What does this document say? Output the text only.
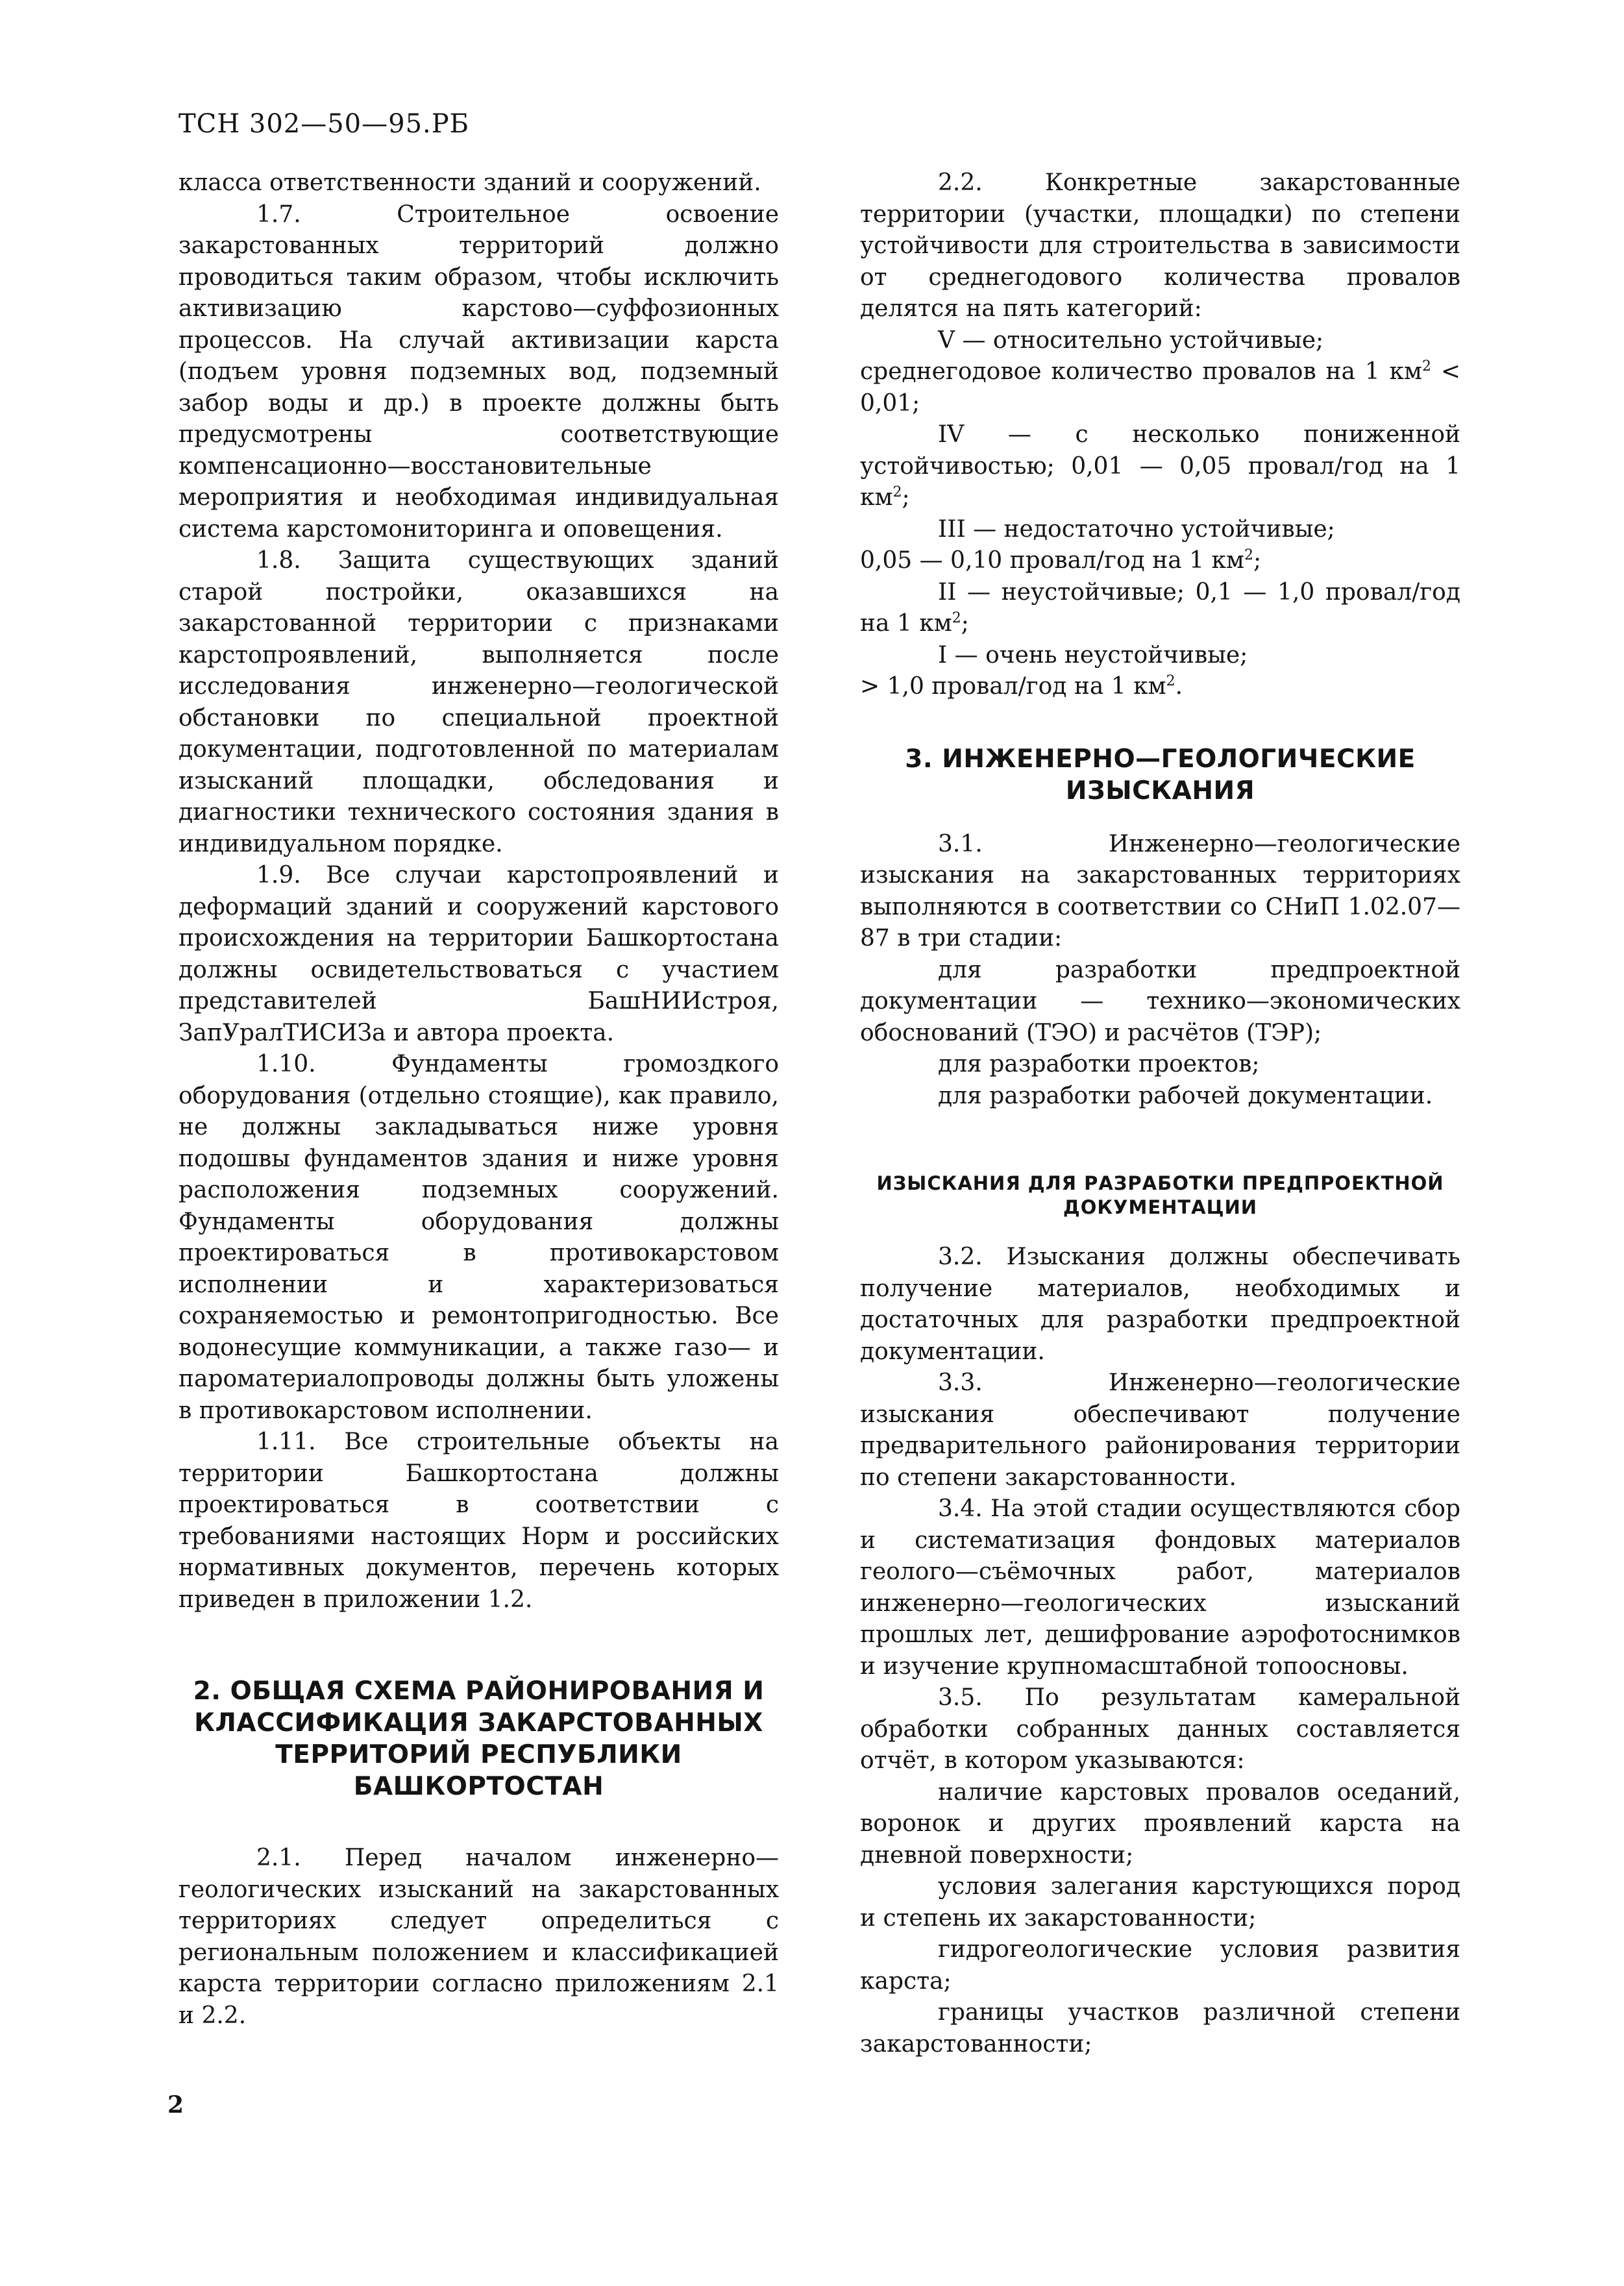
ТСН 302—50—95.РБ

класса ответственности зданий и сооружений.

1.7. Строительное освоение закарстованных территорий должно проводиться таким образом, чтобы исключить активизацию карстово—суффозионных процессов. На случай активизации карста (подъем уровня подземных вод, подземный забор воды и др.) в проекте должны быть предусмотрены соответствующие компенсационно—восстановительные мероприятия и необходимая индивидуальная система карстомониторинга и оповещения.

1.8. Защита существующих зданий старой постройки, оказавшихся на закарстованной территории с признаками карстопроявлений, выполняется после исследования инженерно—геологической обстановки по специальной проектной документации, подготовленной по материалам изысканий площадки, обследования и диагностики технического состояния здания в индивидуальном порядке.

1.9. Все случаи карстопроявлений и деформаций зданий и сооружений карстового происхождения на территории Башкортостана должны освидетельствоваться с участием представителей БашНИИстроя, ЗапУралТИСИЗа и автора проекта.

1.10. Фундаменты громоздкого оборудования (отдельно стоящие), как правило, не должны закладываться ниже уровня подошвы фундаментов здания и ниже уровня расположения подземных сооружений. Фундаменты оборудования должны проектироваться в противокарстовом исполнении и характеризоваться сохраняемостью и ремонтопригодностью. Все водонесущие коммуникации, а также газо— и пароматериалопроводы должны быть уложены в противокарстовом исполнении.

1.11. Все строительные объекты на территории Башкортостана должны проектироваться в соответствии с требованиями настоящих Норм и российских нормативных документов, перечень которых приведен в приложении 1.2.

2. ОБЩАЯ СХЕМА РАЙОНИРОВАНИЯ И КЛАССИФИКАЦИЯ ЗАКАРСТОВАННЫХ ТЕРРИТОРИЙ РЕСПУБЛИКИ БАШКОРТОСТАН

2.1. Перед началом инженерно—геологических изысканий на закарстованных территориях следует определиться с региональным положением и классификацией карста территории согласно приложениям 2.1 и 2.2.

2.2. Конкретные закарстованные территории (участки, площадки) по степени устойчивости для строительства в зависимости от среднегодового количества провалов делятся на пять категорий:

V — относительно устойчивые;

среднегодовое количество провалов на 1 $км^2 < 0,01$;

IV — с несколько пониженной устойчивостью; 0,01 — 0,05 провал/год на 1 $км^2$;

III — недостаточно устойчивые;

0,05 — 0,10 провал/год на 1 $км^2$;

II — неустойчивые; 0,1 — 1,0 провал/год на 1 $км^2$;

I — очень неустойчивые;

> 1,0 провал/год на 1 $км^2$.

3. ИНЖЕНЕРНО—ГЕОЛОГИЧЕСКИЕ ИЗЫСКАНИЯ

3.1. Инженерно—геологические изыскания на закарстованных территориях выполняются в соответствии со СНиП 1.02.07—87 в три стадии:

для разработки предпроектной документации — технико—экономических обоснований (ТЭО) и расчётов (ТЭР);

для разработки проектов;

для разработки рабочей документации.

ИЗЫСКАНИЯ ДЛЯ РАЗРАБОТКИ ПРЕДПРОЕКТНОЙ ДОКУМЕНТАЦИИ

3.2. Изыскания должны обеспечивать получение материалов, необходимых и достаточных для разработки предпроектной документации.

3.3. Инженерно—геологические изыскания обеспечивают получение предварительного районирования территории по степени закарстованности.

3.4. На этой стадии осуществляются сбор и систематизация фондовых материалов геолого—съёмочных работ, материалов инженерно—геологических изысканий прошлых лет, дешифрование аэрофотоснимков и изучение крупномасштабной топоосновы.

3.5. По результатам камеральной обработки собранных данных составляется отчёт, в котором указываются:

наличие карстовых провалов оседаний, воронок и других проявлений карста на дневной поверхности;

условия залегания карстующихся пород и степень их закарстованности;

гидрогеологические условия развития карста;

границы участков различной степени закарстованности;

2
